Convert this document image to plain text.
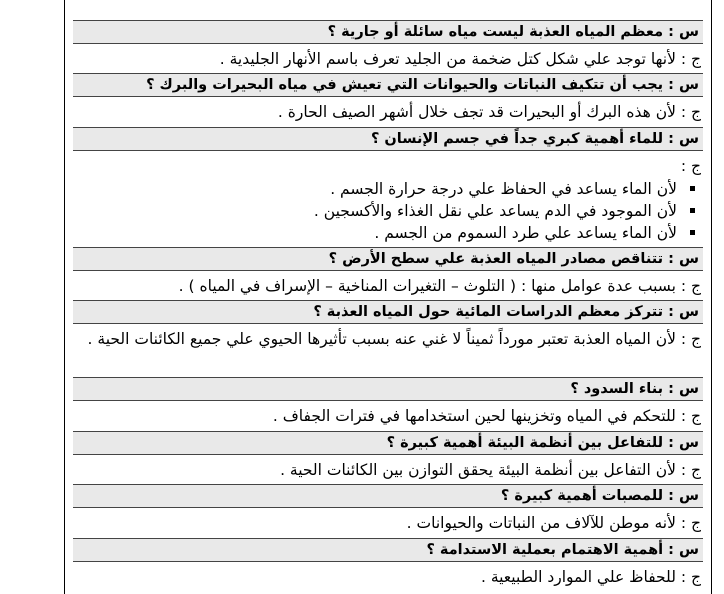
س : معظم المياه العذبة ليست مياه سائلة أو جارية ؟
ج : لأنها توجد علي شكل كتل ضخمة من الجليد تعرف باسم الأنهار الجليدية .
س : يجب أن تتكيف النباتات والحيوانات التي تعيش في مياه البحيرات والبرك ؟
ج : لأن هذه البرك أو البحيرات قد تجف خلال أشهر الصيف الحارة .
س : للماء أهمية كبري جداً في جسم الإنسان ؟
ج :
لأن الماء يساعد في الحفاظ علي درجة حرارة الجسم .
لأن الموجود في الدم يساعد علي نقل الغذاء والأكسجين .
لأن الماء يساعد علي طرد السموم من الجسم .
س : تتناقص مصادر المياه العذبة علي سطح الأرض ؟
ج : بسبب عدة عوامل منها : ( التلوث – التغيرات المناخية – الإسراف في المياه ) .
س : تتركز معظم الدراسات المائية حول المياه العذبة ؟
ج : لأن المياه العذبة تعتبر مورداً ثميناً لا غني عنه بسبب تأثيرها الحيوي علي جميع الكائنات الحية .
س : بناء السدود ؟
ج : للتحكم في المياه وتخزينها لحين استخدامها في فترات الجفاف .
س : للتفاعل بين أنظمة البيئة أهمية كبيرة ؟
ج : لأن التفاعل بين أنظمة البيئة يحقق التوازن بين الكائنات الحية .
س : للمصبات أهمية كبيرة ؟
ج : لأنه موطن للآلاف من النباتات والحيوانات .
س : أهمية الاهتمام بعملية الاستدامة ؟
ج : للحفاظ علي الموارد الطبيعية .
